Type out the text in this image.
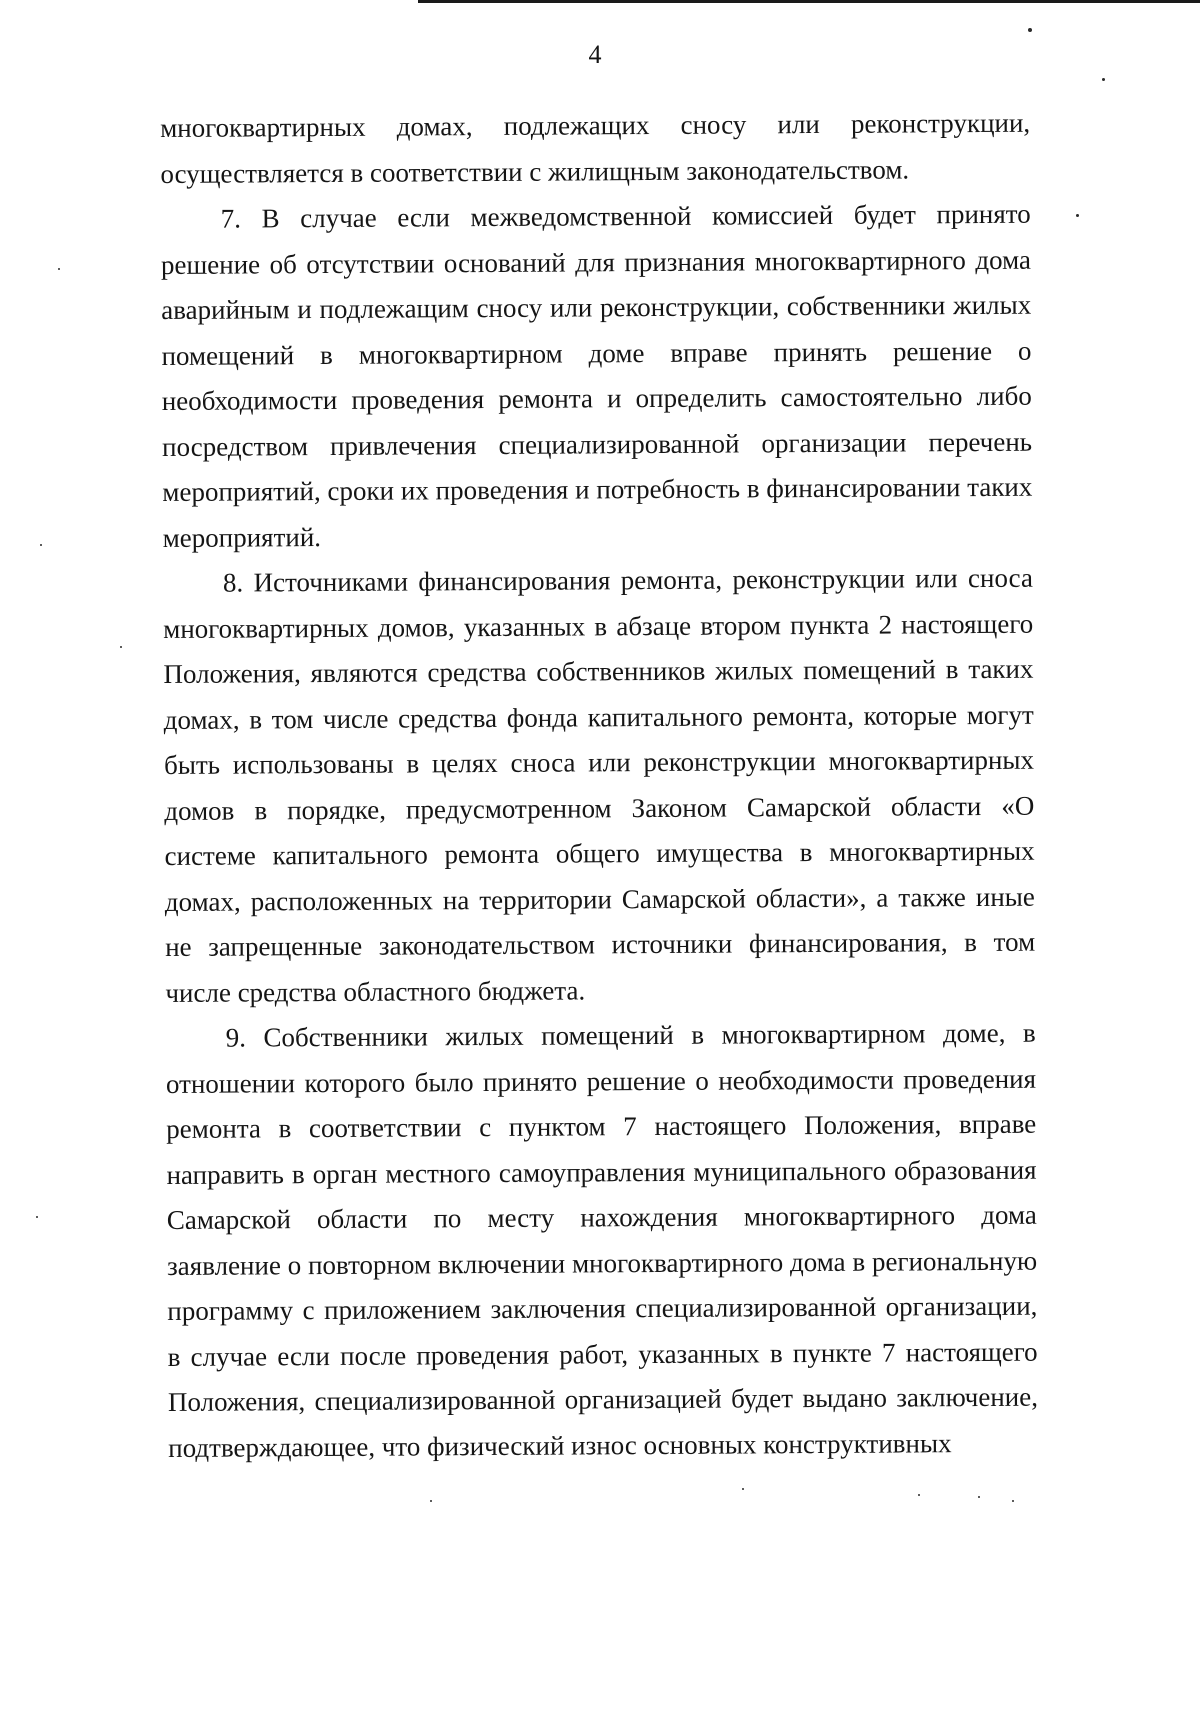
4

многоквартирных домах, подлежащих сносу или реконструкции, осуществляется в соответствии с жилищным законодательством.

7. В случае если межведомственной комиссией будет принято решение об отсутствии оснований для признания многоквартирного дома аварийным и подлежащим сносу или реконструкции, собственники жилых помещений в многоквартирном доме вправе принять решение о необходимости проведения ремонта и определить самостоятельно либо посредством привлечения специализированной организации перечень мероприятий, сроки их проведения и потребность в финансировании таких мероприятий.

8. Источниками финансирования ремонта, реконструкции или сноса многоквартирных домов, указанных в абзаце втором пункта 2 настоящего Положения, являются средства собственников жилых помещений в таких домах, в том числе средства фонда капитального ремонта, которые могут быть использованы в целях сноса или реконструкции многоквартирных домов в порядке, предусмотренном Законом Самарской области «О системе капитального ремонта общего имущества в многоквартирных домах, расположенных на территории Самарской области», а также иные не запрещенные законодательством источники финансирования, в том числе средства областного бюджета.

9. Собственники жилых помещений в многоквартирном доме, в отношении которого было принято решение о необходимости проведения ремонта в соответствии с пунктом 7 настоящего Положения, вправе направить в орган местного самоуправления муниципального образования Самарской области по месту нахождения многоквартирного дома заявление о повторном включении многоквартирного дома в региональную программу с приложением заключения специализированной организации, в случае если после проведения работ, указанных в пункте 7 настоящего Положения, специализированной организацией будет выдано заключение, подтверждающее, что физический износ основных конструктивных
